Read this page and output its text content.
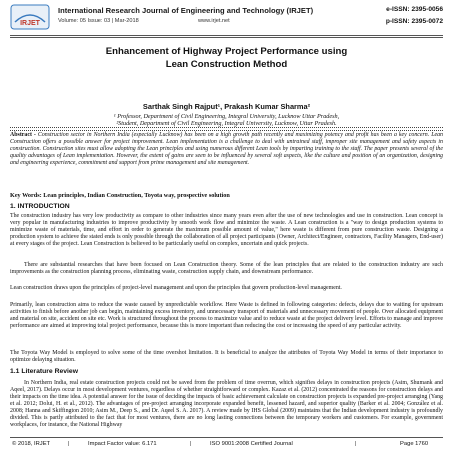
IRJET
International Research Journal of Engineering and Technology (IRJET)
Volume: 05 Issue: 03 | Mar-2018	www.irjet.net
e-ISSN: 2395-0056
p-ISSN: 2395-0072
Enhancement of Highway Project Performance using
Lean Construction Method
Sarthak Singh Rajput¹, Prakash Kumar Sharma²
¹ Professor, Department of Civil Engineering, Integral University, Lucknow Uttar Pradesh,
²Student, Department of Civil Engineering, Integral University, Lucknow, Uttar Pradesh.
Abstract - Construction sector in Northern India (especially Lucknow) has been on a high growth path recently and maximizing potency and profit has been a key concern. Lean Construction offers a possible answer for project improvement. Lean implementation is a challenge to deal with untrained staff, improper site management and safety aspects in construction. Construction sites must allow adopting the Lean principles and using numerous different Lean tools by imparting training to the staff. The paper presents several of the quality advantages of Lean implementation. However, the extent of gains are seen to be influenced by several soft aspects, like the culture and position of an organization, designing and engineering experience, commitment and support from prime management and site management.
Key Words: Lean principles, Indian Construction, Toyota way, prospective solution
1. INTRODUCTION
The construction industry has very low productivity as compare to other industries since many years even after the use of new technologies and use in construction. Lean concept is very popular in manufacturing industries to improve productivity by smooth work flow and minimize the waste. A Lean construction is a "way to design production systems to minimize waste of materials, time, and effort in order to generate the maximum possible amount of value," here waste is different from pure construction waste. Designing a production system to achieve the stated ends is only possible through the collaboration of all project participants (Owner, Architect/Engineer, contractors, Facility Managers, End-user) at every stages of the project. Lean Construction is believed to be particularly useful on complex, uncertain and quick projects.
There are substantial researches that have been focused on Lean Construction theory. Some of the lean principles that are related to the construction industry are such improvements as the construction planning process, eliminating waste, construction supply chain, and downstream performance.
Lean construction draws upon the principles of project-level management and upon the principles that govern production-level management.
Primarily, lean construction aims to reduce the waste caused by unpredictable workflow. Here Waste is defined in following categories: defects, delays due to waiting for upstream activities to finish before another job can begin, maintaining excess inventory, and unnecessary transport of materials and unnecessary movement of people. Over allocated equipment and material on site, accident on site etc. Work is structured throughout the process to maximize value and to reduce waste at the project delivery level. Efforts to manage and improve performance are aimed at improving total project performance, because this is more important than reducing the cost or increasing the speed of any particular activity.
The Toyota Way Model is employed to solve some of the time overshot limitation. It is beneficial to analyze the attributes of Toyota Way Model in terms of their importance to optimize delaying situation.
1.1 Literature Review
In Northern India, real estate construction projects could not be saved from the problem of time overrun, which signifies delays in construction projects (Asim, Shumank and Aqeel, 2017). Delays occur in most development ventures, regardless of whether straightforward or complex. Kazaz et al. (2012) concentrated the reasons for construction delays and their impacts on the time idea. A potential answer for the issue of deciding the impacts of basic achievement calculate on construction projects is expanded pre-project arranging (Yang et al. 2012; Dolui, H. et al., 2012). The advantages of pre-project arranging incorporate expanded benefit, lessened hazard, and superior quality (Barker et al. 2004; González et al. 2008; Hanna and Skiffington 2010; Asim M., Deep S., and Dr. Aqeel S. A. 2017). A review made by IHS Global (2009) maintains that the Indian development industry is profoundly divided. This is partly attributed to the fact that for most ventures, there are no long lasting connections between the temporary workers and customers. For example, government workplaces, for instance, the National Highway
© 2018, IRJET	|	Impact Factor value: 6.171	|	ISO 9001:2008 Certified Journal	|	Page 1760
